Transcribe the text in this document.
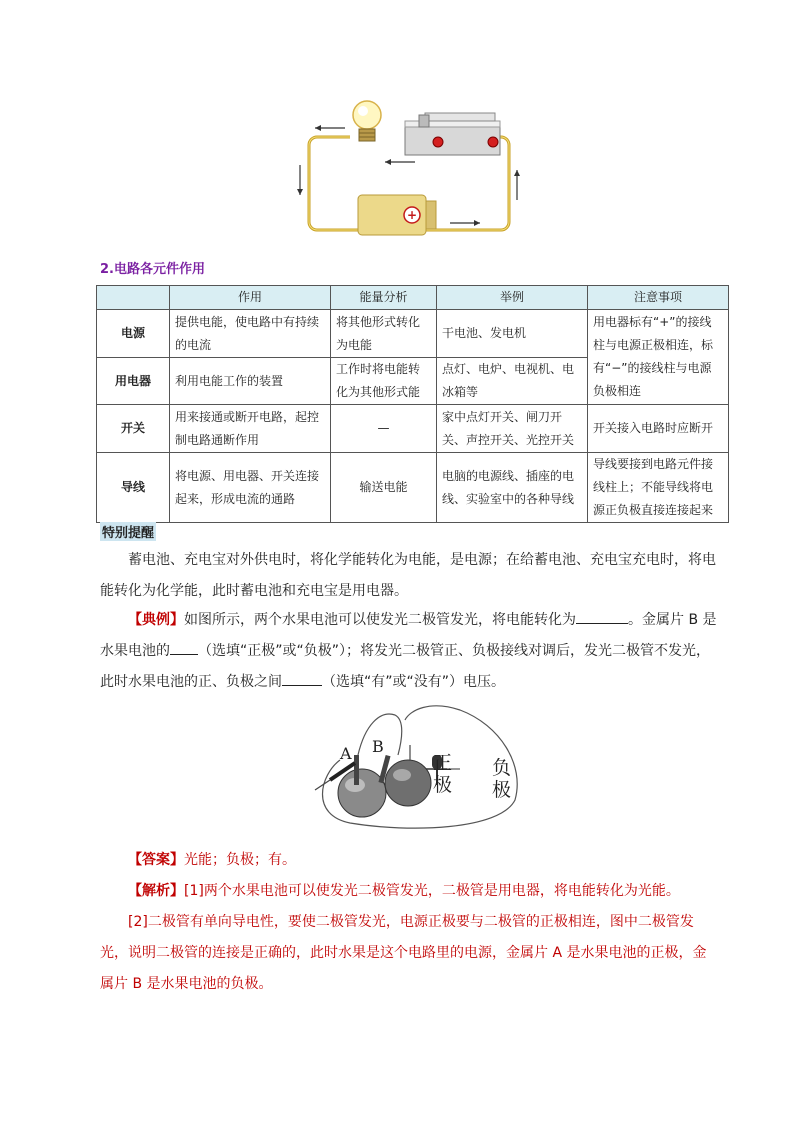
+
2.电路各元件作用
	作用	能量分析	举例	注意事项
电源	提供电能，使电路中有持续的电流	将其他形式转化为电能	干电池、发电机	用电器标有“+”的接线柱与电源正极相连，标有“−”的接线柱与电源负极相连
用电器	利用电能工作的装置	工作时将电能转化为其他形式能	点灯、电炉、电视机、电冰箱等	
开关	用来接通或断开电路，起控制电路通断作用	—	家中点灯开关、闸刀开关、声控开关、光控开关	开关接入电路时应断开
导线	将电源、用电器、开关连接起来，形成电流的通路	输送电能	电脑的电源线、插座的电线、实验室中的各种导线	导线要接到电路元件接线柱上；不能导线将电源正负极直接连接起来
特别提醒
蓄电池、充电宝对外供电时，将化学能转化为电能，是电源；在给蓄电池、充电宝充电时，将电能转化为化学能，此时蓄电池和充电宝是用电器。
【典例】如图所示，两个水果电池可以使发光二极管发光，将电能转化为	。金属片 B 是水果电池的 （选填“正极”或“负极”）；将发光二极管正、负极接线对调后，发光二极管不发光，此时水果电池的正、负极之间	（选填“有”或“没有”）电压。
A B
正
极
负
极
【答案】光能；负极；有。
【解析】[1]两个水果电池可以使发光二极管发光，二极管是用电器，将电能转化为光能。
[2]二极管有单向导电性，要使二极管发光，电源正极要与二极管的正极相连，图中二极管发光，说明二极管的连接是正确的，此时水果是这个电路里的电源，金属片 A 是水果电池的正极，金属片 B 是水果电池的负极。
